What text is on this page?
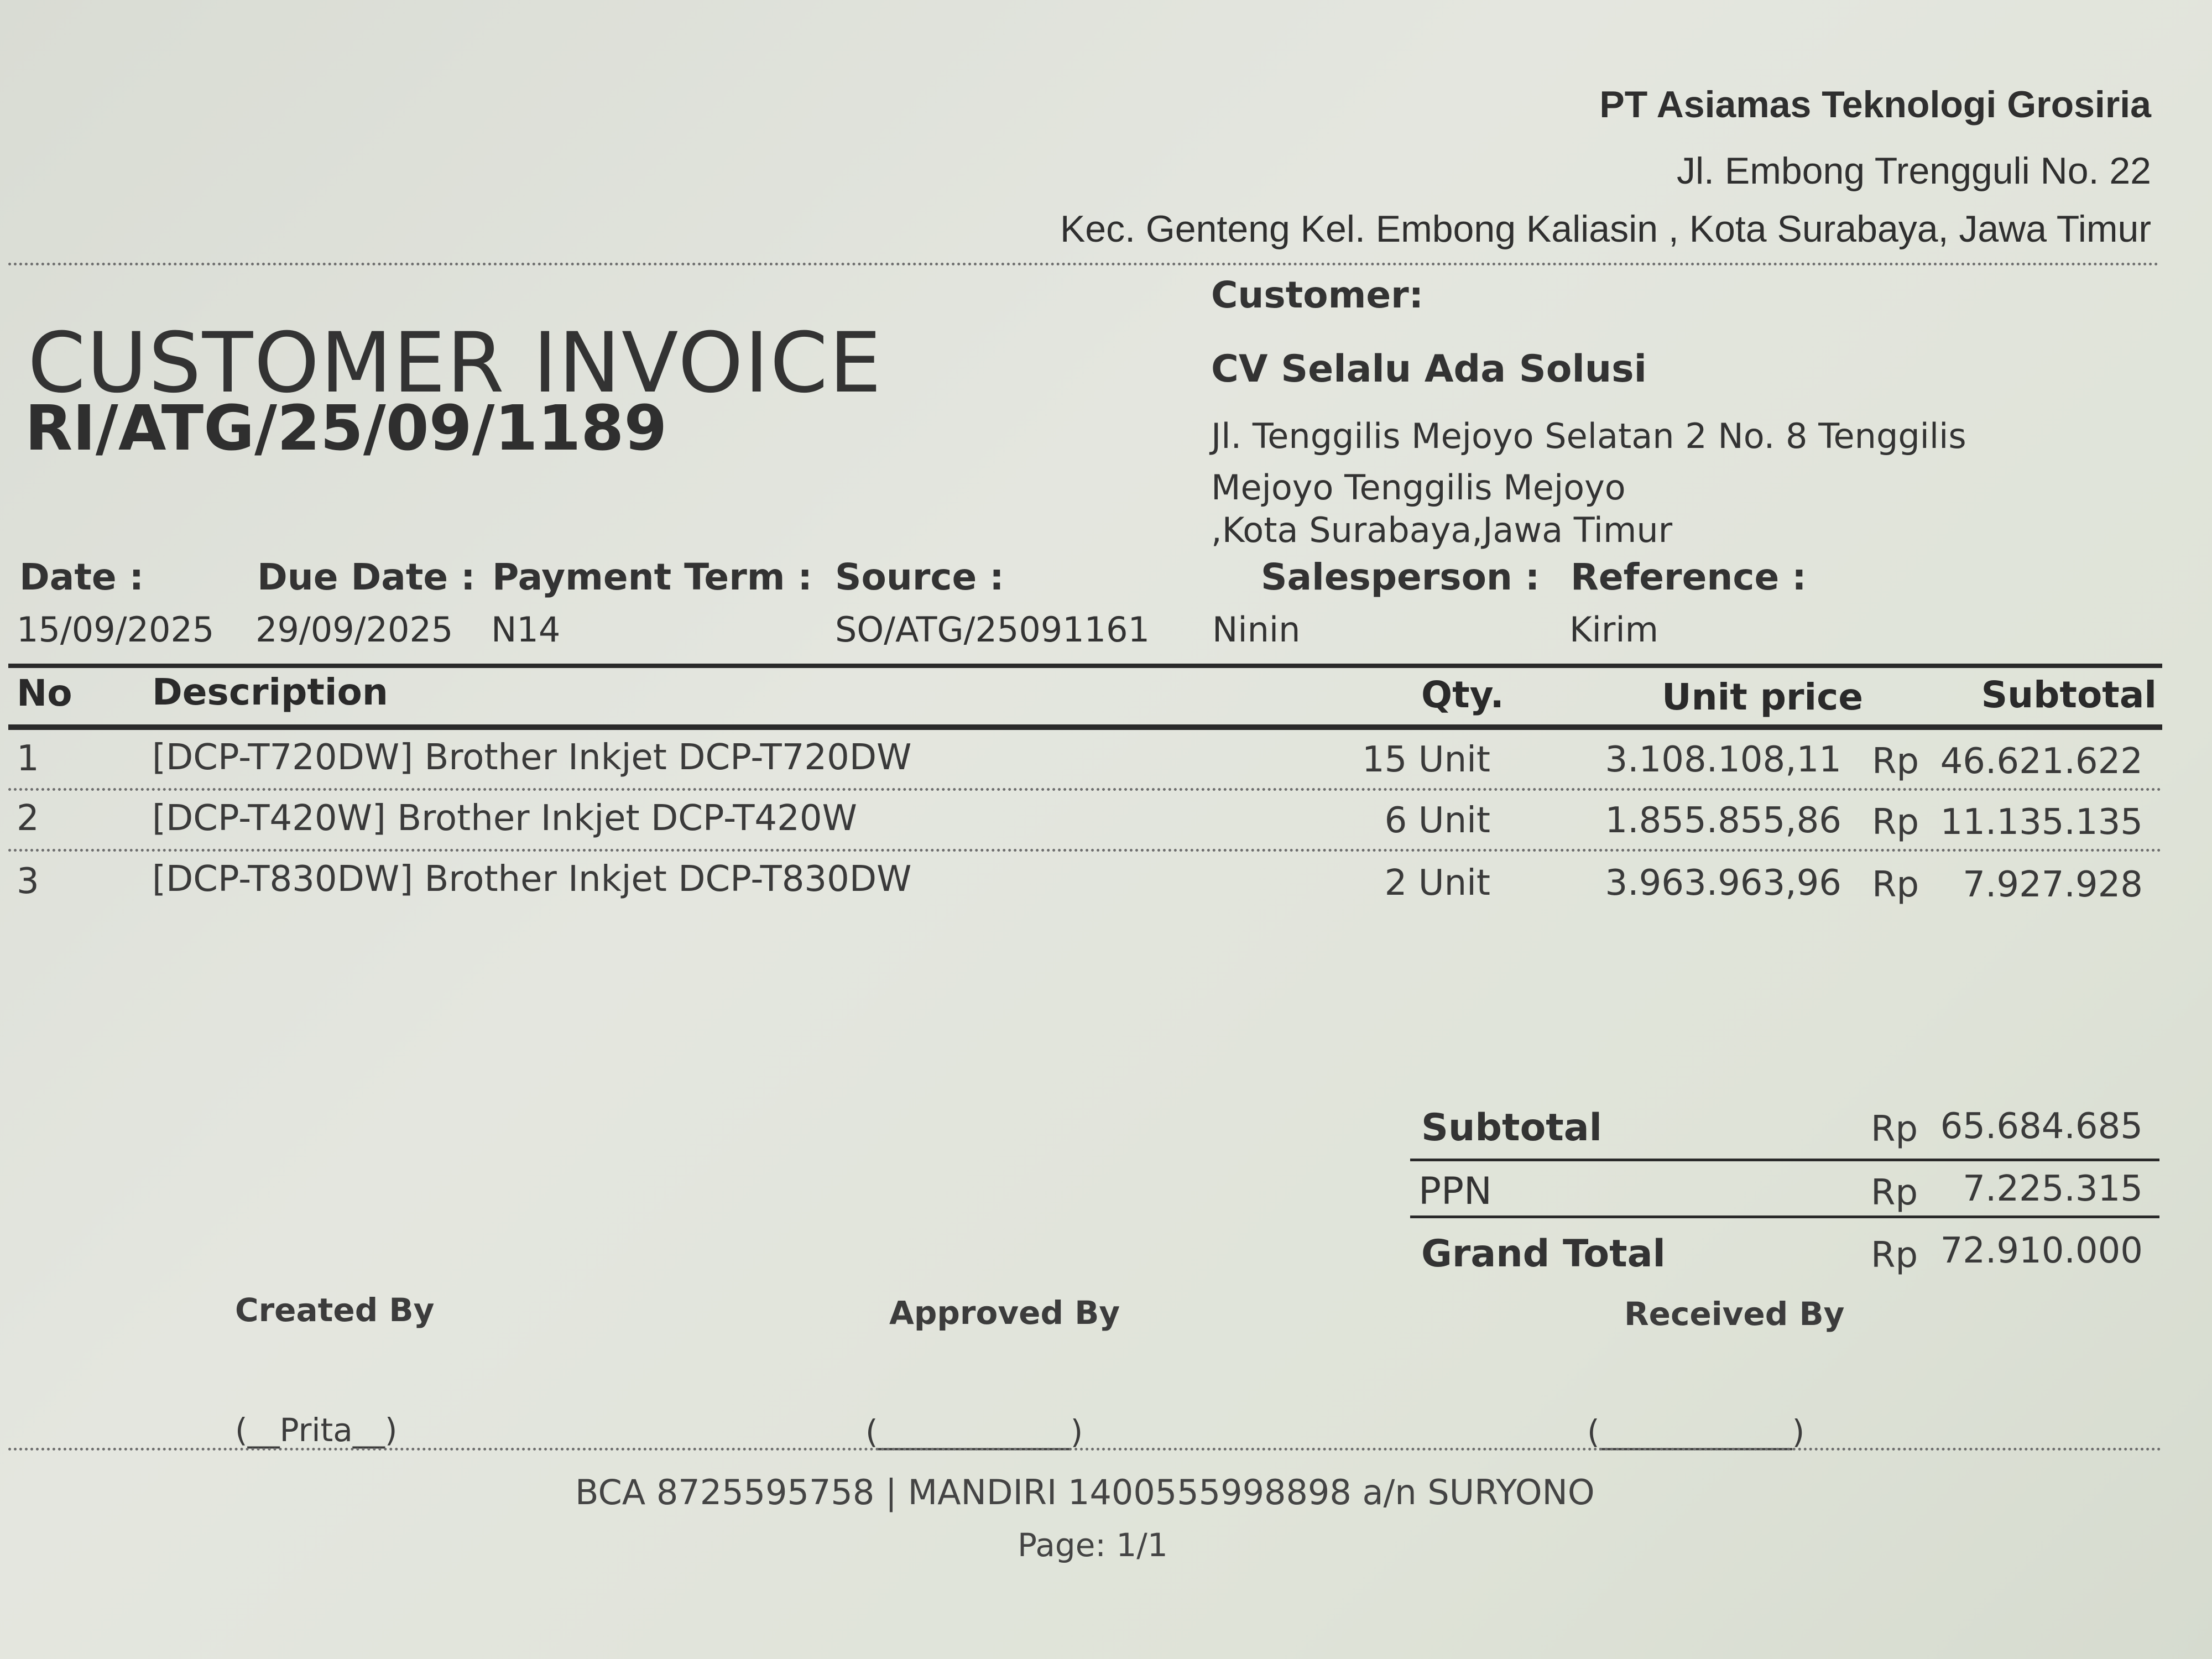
PT Asiamas Teknologi Grosiria
Jl. Embong Trengguli No. 22
Kec. Genteng Kel. Embong Kaliasin , Kota Surabaya, Jawa Timur
CUSTOMER INVOICE
RI/ATG/25/09/1189
Customer:
CV Selalu Ada Solusi
Jl. Tenggilis Mejoyo Selatan 2 No. 8 Tenggilis
Mejoyo Tenggilis Mejoyo
,Kota Surabaya,Jawa Timur
Date :	Due Date : Payment Term : Source :	Salesperson : Reference :
15/09/2025 29/09/2025 N14	SO/ATG/25091161 Ninin	Kirim
No Description	Qty.	Unit price	Subtotal
1	[DCP-T720DW] Brother Inkjet DCP-T720DW	15 Unit	3.108.108,11 Rp 46.621.622
2	[DCP-T420W] Brother Inkjet DCP-T420W	6 Unit	1.855.855,86 Rp 11.135.135
3	[DCP-T830DW] Brother Inkjet DCP-T830DW	2 Unit	3.963.963,96 Rp 7.927.928
Subtotal	Rp 65.684.685
PPN	Rp 7.225.315
Grand Total	Rp 72.910.000
Created By	Approved By	Received By
(__Prita__)	(____________)	(____________)
BCA 8725595758 | MANDIRI 1400555998898 a/n SURYONO
Page: 1/1
